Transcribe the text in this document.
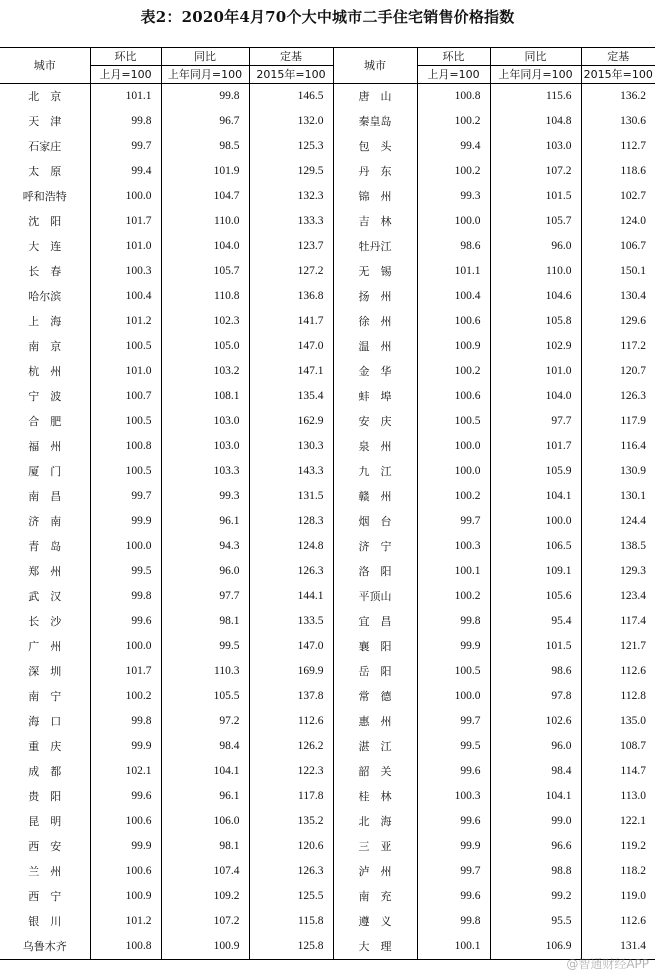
表2：2020年4月70个大中城市二手住宅销售价格指数
城市	环比	同比	定基	城市	环比	同比	定基
	上月=100	上年同月=100	2015年=100		上月=100	上年同月=100	2015年=100
北　京	101.1	99.8	146.5	唐　山	100.8	115.6	136.2
天　津	99.8	96.7	132.0	秦皇岛	100.2	104.8	130.6
石家庄	99.7	98.5	125.3	包　头	99.4	103.0	112.7
太　原	99.4	101.9	129.5	丹　东	100.2	107.2	118.6
呼和浩特	100.0	104.7	132.3	锦　州	99.3	101.5	102.7
沈　阳	101.7	110.0	133.3	吉　林	100.0	105.7	124.0
大　连	101.0	104.0	123.7	牡丹江	98.6	96.0	106.7
长　春	100.3	105.7	127.2	无　锡	101.1	110.0	150.1
哈尔滨	100.4	110.8	136.8	扬　州	100.4	104.6	130.4
上　海	101.2	102.3	141.7	徐　州	100.6	105.8	129.6
南　京	100.5	105.0	147.0	温　州	100.9	102.9	117.2
杭　州	101.0	103.2	147.1	金　华	100.2	101.0	120.7
宁　波	100.7	108.1	135.4	蚌　埠	100.6	104.0	126.3
合　肥	100.5	103.0	162.9	安　庆	100.5	97.7	117.9
福　州	100.8	103.0	130.3	泉　州	100.0	101.7	116.4
厦　门	100.5	103.3	143.3	九　江	100.0	105.9	130.9
南　昌	99.7	99.3	131.5	赣　州	100.2	104.1	130.1
济　南	99.9	96.1	128.3	烟　台	99.7	100.0	124.4
青　岛	100.0	94.3	124.8	济　宁	100.3	106.5	138.5
郑　州	99.5	96.0	126.3	洛　阳	100.1	109.1	129.3
武　汉	99.8	97.7	144.1	平顶山	100.2	105.6	123.4
长　沙	99.6	98.1	133.5	宜　昌	99.8	95.4	117.4
广　州	100.0	99.5	147.0	襄　阳	99.9	101.5	121.7
深　圳	101.7	110.3	169.9	岳　阳	100.5	98.6	112.6
南　宁	100.2	105.5	137.8	常　德	100.0	97.8	112.8
海　口	99.8	97.2	112.6	惠　州	99.7	102.6	135.0
重　庆	99.9	98.4	126.2	湛　江	99.5	96.0	108.7
成　都	102.1	104.1	122.3	韶　关	99.6	98.4	114.7
贵　阳	99.6	96.1	117.8	桂　林	100.3	104.1	113.0
昆　明	100.6	106.0	135.2	北　海	99.6	99.0	122.1
西　安	99.9	98.1	120.6	三　亚	99.9	96.6	119.2
兰　州	100.6	107.4	126.3	泸　州	99.7	98.8	118.2
西　宁	100.9	109.2	125.5	南　充	99.6	99.2	119.0
银　川	101.2	107.2	115.8	遵　义	99.8	95.5	112.6
乌鲁木齐	100.8	100.9	125.8	大　理	100.1	106.9	131.4
@智通财经APP
